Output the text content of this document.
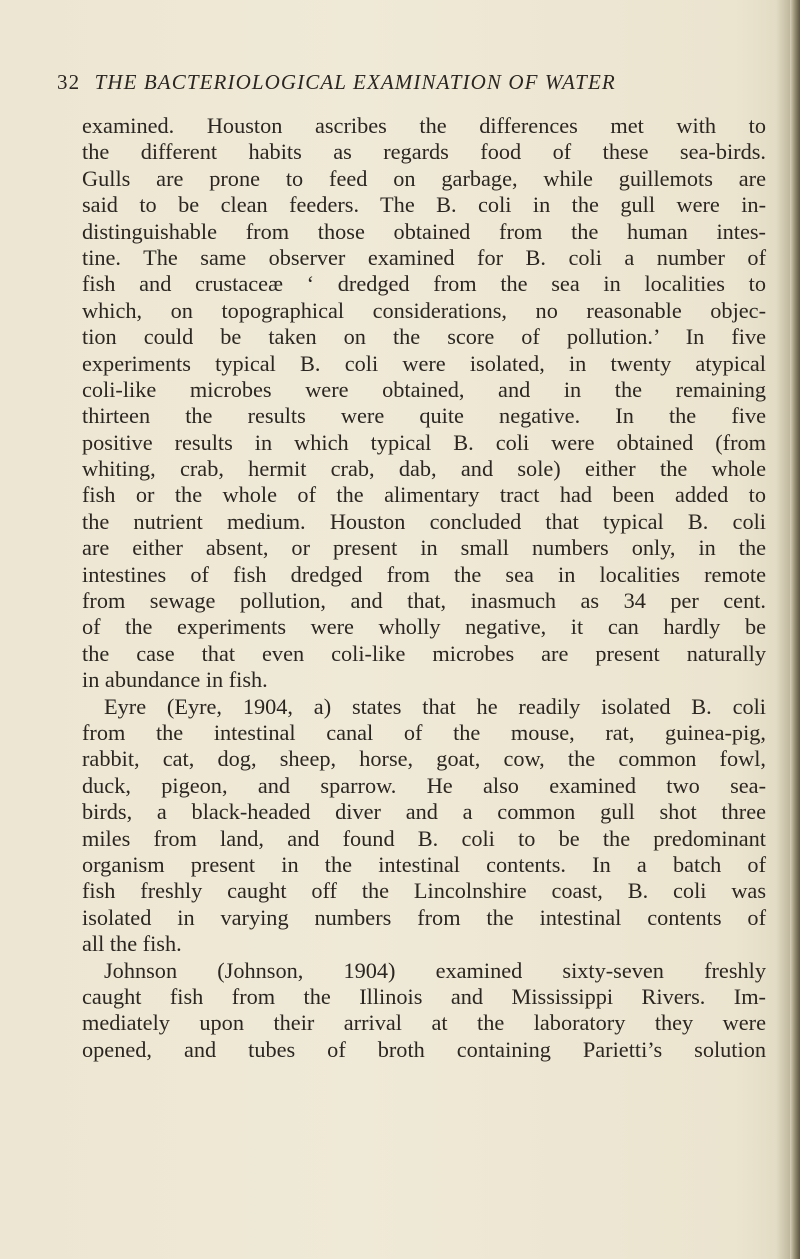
32 THE BACTERIOLOGICAL EXAMINATION OF WATER
examined. Houston ascribes the differences met with to
the different habits as regards food of these sea-birds.
Gulls are prone to feed on garbage, while guillemots are
said to be clean feeders. The B. coli in the gull were in-
distinguishable from those obtained from the human intes-
tine. The same observer examined for B. coli a number of
fish and crustaceæ ‘ dredged from the sea in localities to
which, on topographical considerations, no reasonable objec-
tion could be taken on the score of pollution.’ In five
experiments typical B. coli were isolated, in twenty atypical
coli-like microbes were obtained, and in the remaining
thirteen the results were quite negative. In the five
positive results in which typical B. coli were obtained (from
whiting, crab, hermit crab, dab, and sole) either the whole
fish or the whole of the alimentary tract had been added to
the nutrient medium. Houston concluded that typical B. coli
are either absent, or present in small numbers only, in the
intestines of fish dredged from the sea in localities remote
from sewage pollution, and that, inasmuch as 34 per cent.
of the experiments were wholly negative, it can hardly be
the case that even coli-like microbes are present naturally
in abundance in fish.
Eyre (Eyre, 1904, a) states that he readily isolated B. coli
from the intestinal canal of the mouse, rat, guinea-pig,
rabbit, cat, dog, sheep, horse, goat, cow, the common fowl,
duck, pigeon, and sparrow. He also examined two sea-
birds, a black-headed diver and a common gull shot three
miles from land, and found B. coli to be the predominant
organism present in the intestinal contents. In a batch of
fish freshly caught off the Lincolnshire coast, B. coli was
isolated in varying numbers from the intestinal contents of
all the fish.
Johnson (Johnson, 1904) examined sixty-seven freshly
caught fish from the Illinois and Mississippi Rivers. Im-
mediately upon their arrival at the laboratory they were
opened, and tubes of broth containing Parietti’s solution
